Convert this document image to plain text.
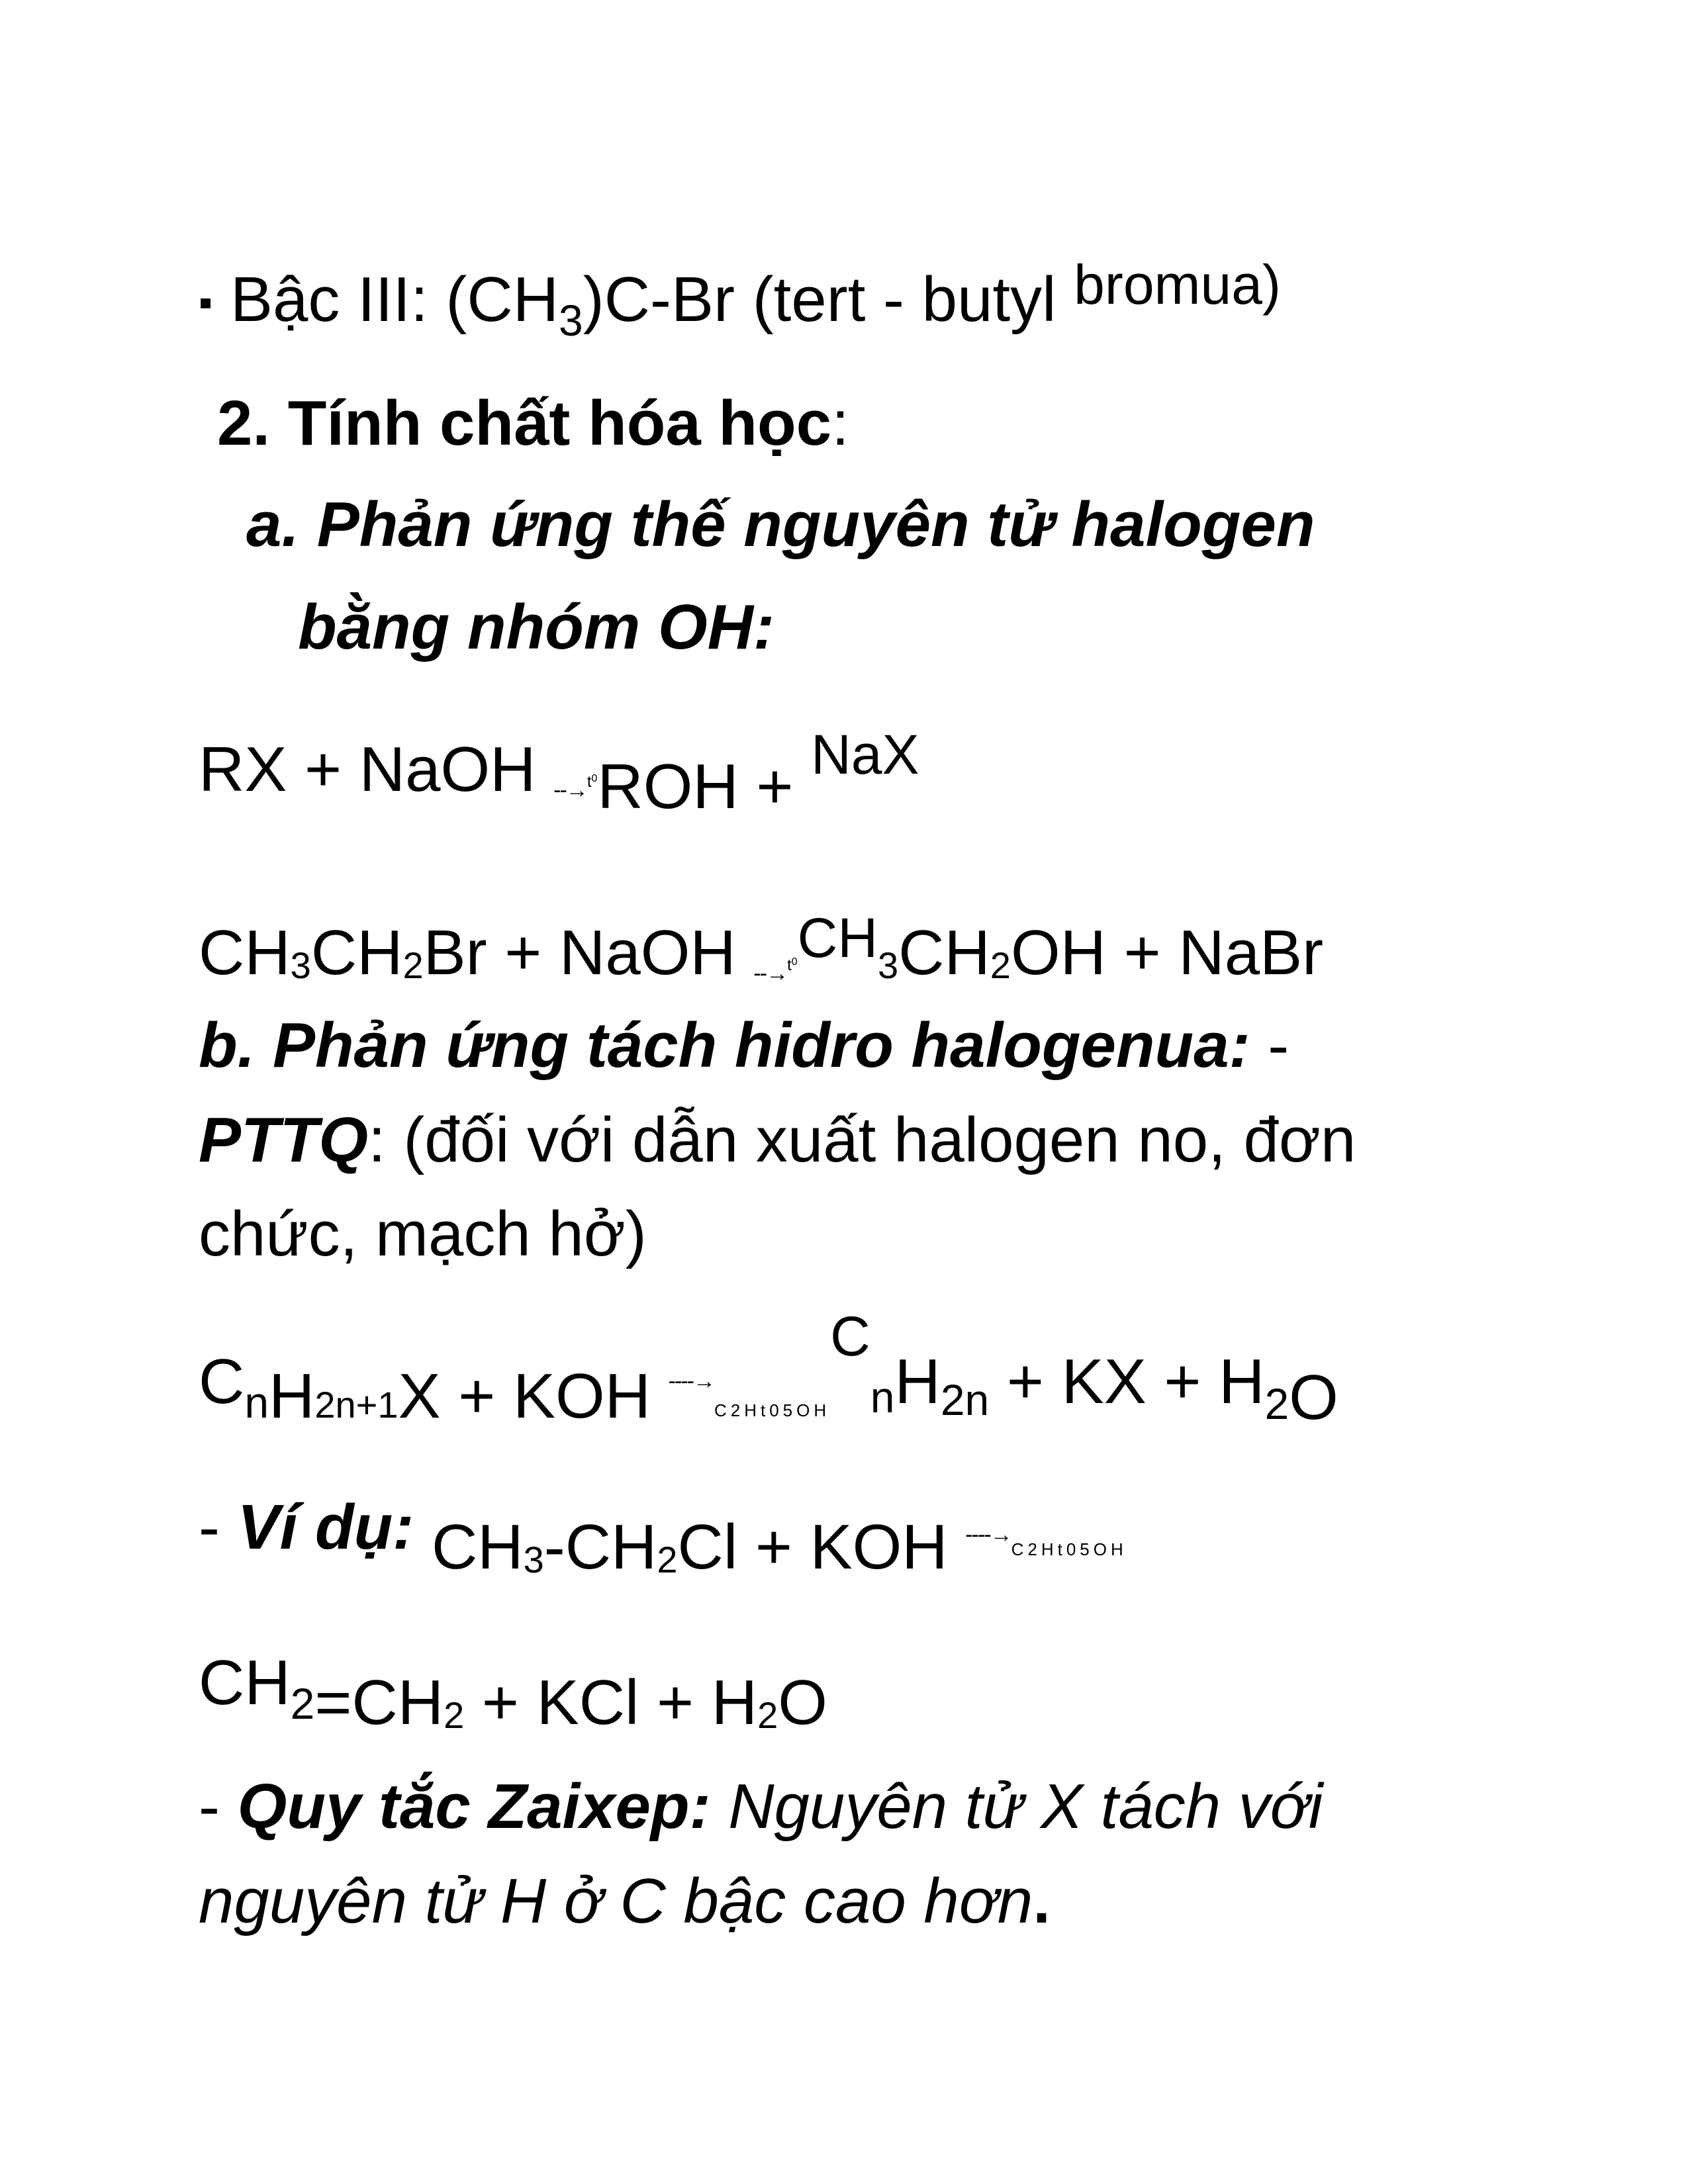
▪ Bậc III: $(CH_3)C-Br$ (tert - butyl bromua)
2. Tính chất hóa học:
a. Phản ứng thế nguyên tử halogen
bằng nhóm OH:
RX + NaOH --→t0ROH + NaX
CH3CH2Br + NaOH --→t0CH3CH2OH + NaBr
b. Phản ứng tách hidro halogenua: -
PTTQ: (đối với dẫn xuất halogen no, đơn
chức, mạch hở)
$C_nH_{2n+1}X$ + KOH ----→$_{C2Ht05OH}$CnH2n + KX + $H_2O$
- Ví dụ: CH3-CH2Cl + KOH ----→C2Ht05OH
$CH_2=CH2$ + KCl + H2O
- Quy tắc Zaixep: Nguyên tử X tách với
nguyên tử H ở C bậc cao hơn.
